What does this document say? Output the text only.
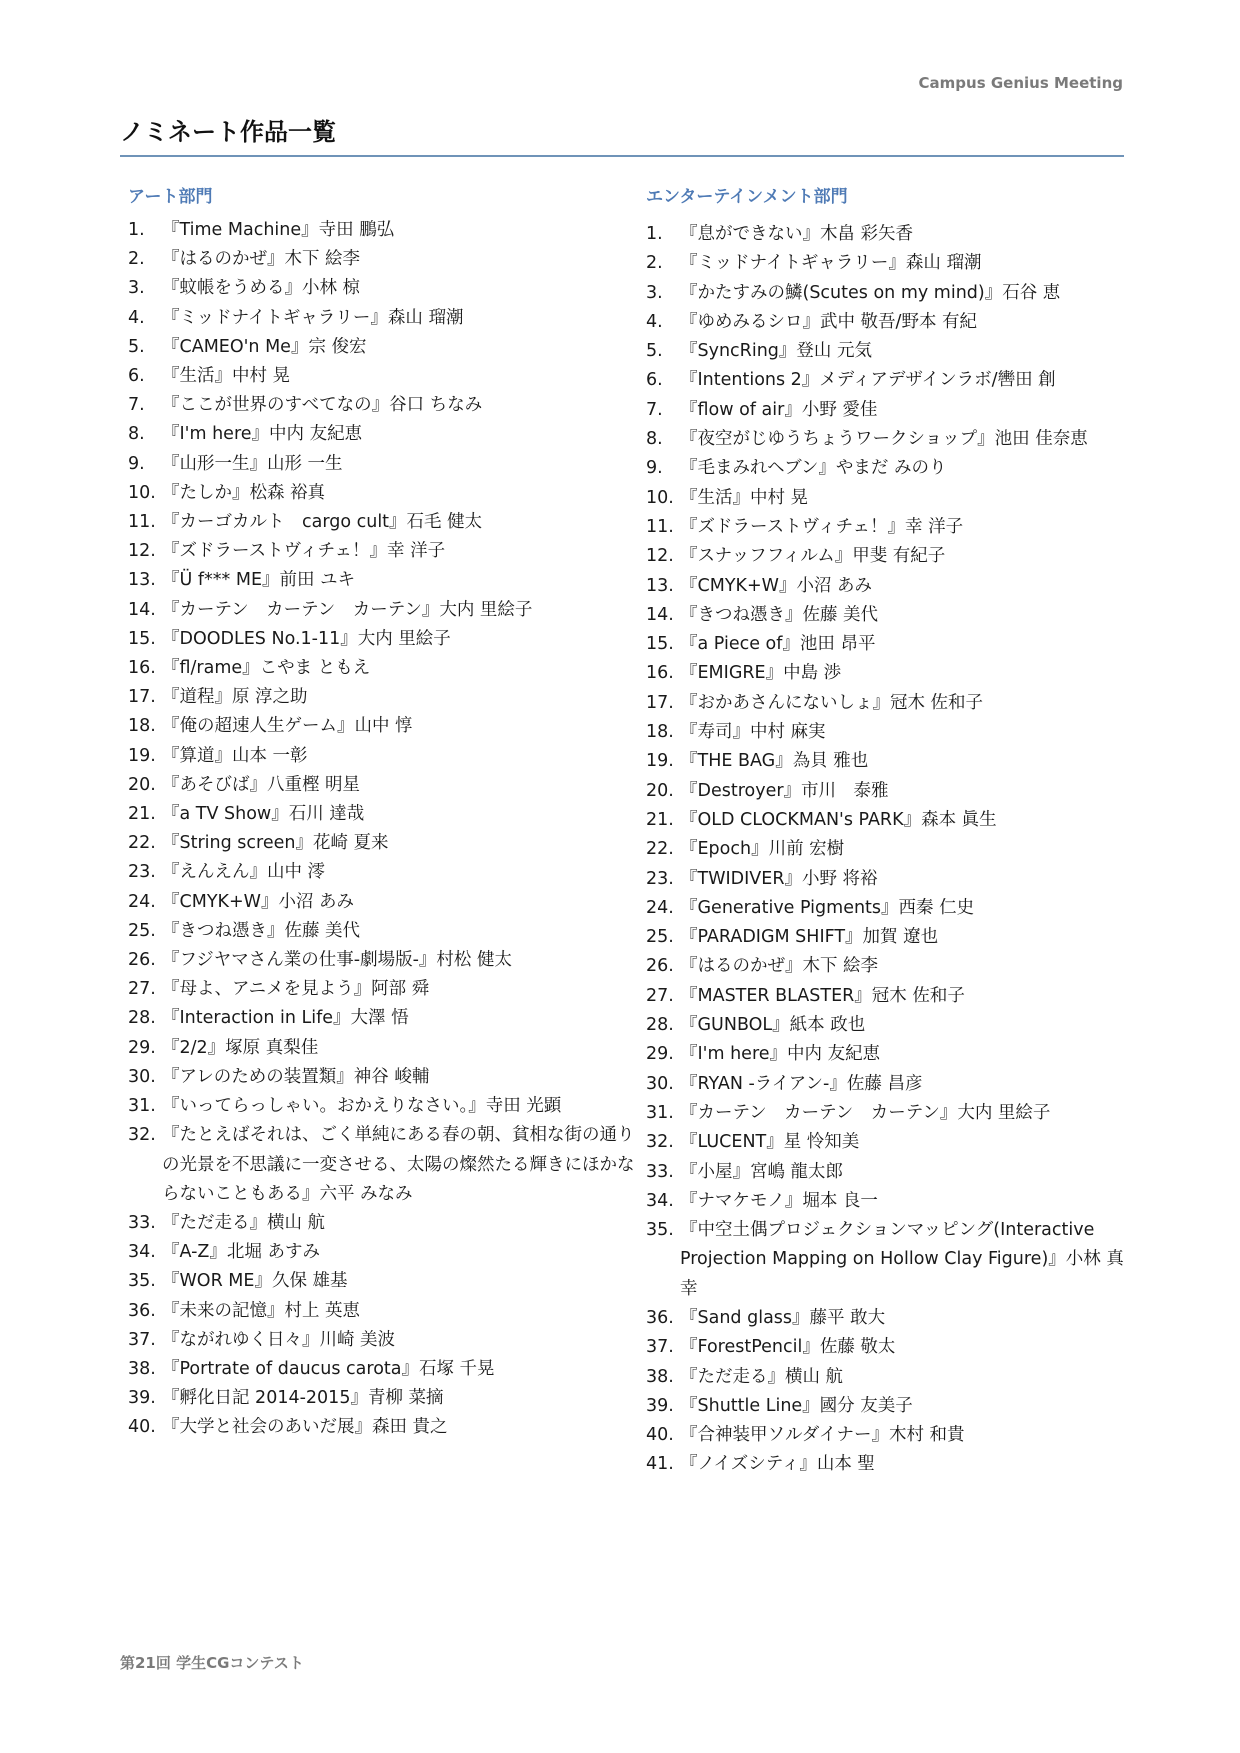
Campus Genius Meeting
ノミネート作品一覧
アート部門
1. 『Time Machine』寺田 鵬弘
2. 『はるのかぜ』木下 絵李
3. 『蚊帳をうめる』小林 椋
4. 『ミッドナイトギャラリー』森山 瑠潮
5. 『CAMEO'n Me』宗 俊宏
6. 『生活』中村 晃
7. 『ここが世界のすべてなの』谷口 ちなみ
8. 『I'm here』中内 友紀恵
9. 『山形一生』山形 一生
10. 『たしか』松森 裕真
11. 『カーゴカルト　cargo cult』石毛 健太
12. 『ズドラーストヴィチェ！』幸 洋子
13. 『Ü f*** ME』前田 ユキ
14. 『カーテン　カーテン　カーテン』大内 里絵子
15. 『DOODLES No.1-11』大内 里絵子
16. 『fl/rame』こやま ともえ
17. 『道程』原 淳之助
18. 『俺の超速人生ゲーム』山中 惇
19. 『算道』山本 一彰
20. 『あそびば』八重樫 明星
21. 『a TV Show』石川 達哉
22. 『String screen』花崎 夏来
23. 『えんえん』山中 澪
24. 『CMYK+W』小沼 あみ
25. 『きつね憑き』佐藤 美代
26. 『フジヤマさん業の仕事-劇場版-』村松 健太
27. 『母よ、アニメを見よう』阿部 舜
28. 『Interaction in Life』大澤 悟
29. 『2/2』塚原 真梨佳
30. 『アレのための装置類』神谷 峻輔
31. 『いってらっしゃい。おかえりなさい。』寺田 光顕
32. 『たとえばそれは、ごく単純にある春の朝、貧相な街の通りの光景を不思議に一変させる、太陽の燦然たる輝きにほかならないこともある』六平 みなみ
33. 『ただ走る』横山 航
34. 『A-Z』北堀 あすみ
35. 『WOR ME』久保 雄基
36. 『未来の記憶』村上 英恵
37. 『ながれゆく日々』川崎 美波
38. 『Portrate of daucus carota』石塚 千晃
39. 『孵化日記 2014-2015』青柳 菜摘
40. 『大学と社会のあいだ展』森田 貴之
エンターテインメント部門
1. 『息ができない』木畠 彩矢香
2. 『ミッドナイトギャラリー』森山 瑠潮
3. 『かたすみの鱗(Scutes on my mind)』石谷 恵
4. 『ゆめみるシロ』武中 敬吾/野本 有紀
5. 『SyncRing』登山 元気
6. 『Intentions 2』メディアデザインラボ/轡田 創
7. 『flow of air』小野 愛佳
8. 『夜空がじゆうちょうワークショップ』池田 佳奈恵
9. 『毛まみれヘブン』やまだ みのり
10. 『生活』中村 晃
11. 『ズドラーストヴィチェ！』幸 洋子
12. 『スナッフフィルム』甲斐 有紀子
13. 『CMYK+W』小沼 あみ
14. 『きつね憑き』佐藤 美代
15. 『a Piece of』池田 昂平
16. 『EMIGRE』中島 渉
17. 『おかあさんにないしょ』冠木 佐和子
18. 『寿司』中村 麻実
19. 『THE BAG』為貝 雅也
20. 『Destroyer』市川　泰雅
21. 『OLD CLOCKMAN's PARK』森本 眞生
22. 『Epoch』川前 宏樹
23. 『TWIDIVER』小野 将裕
24. 『Generative Pigments』西秦 仁史
25. 『PARADIGM SHIFT』加賀 遼也
26. 『はるのかぜ』木下 絵李
27. 『MASTER BLASTER』冠木 佐和子
28. 『GUNBOL』紙本 政也
29. 『I'm here』中内 友紀恵
30. 『RYAN -ライアン-』佐藤 昌彦
31. 『カーテン　カーテン　カーテン』大内 里絵子
32. 『LUCENT』星 怜知美
33. 『小屋』宮嶋 龍太郎
34. 『ナマケモノ』堀本 良一
35. 『中空土偶プロジェクションマッピング(Interactive Projection Mapping on Hollow Clay Figure)』小林 真幸
36. 『Sand glass』藤平 敢大
37. 『ForestPencil』佐藤 敬太
38. 『ただ走る』横山 航
39. 『Shuttle Line』國分 友美子
40. 『合神装甲ソルダイナー』木村 和貴
41. 『ノイズシティ』山本 聖
第21回 学生CGコンテスト
